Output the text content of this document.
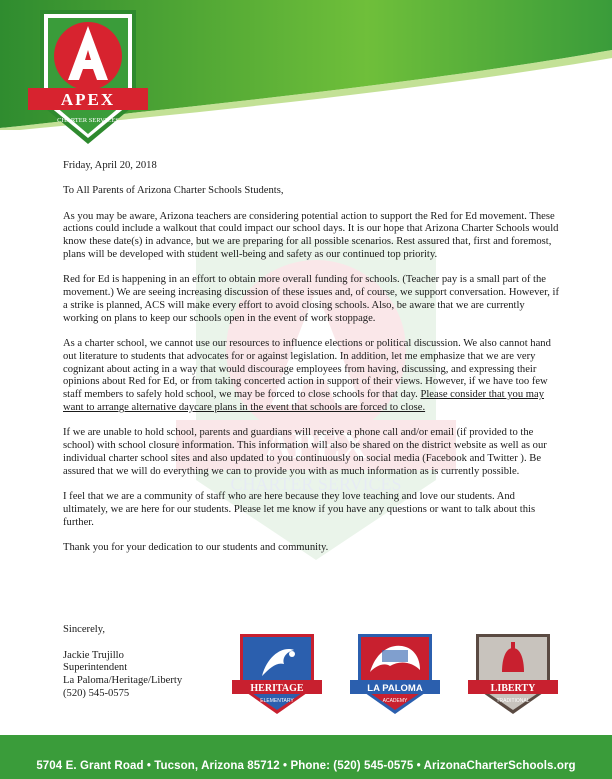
APEX
CHARTER SERVICES
APEX
CHARTER SERVICES

Friday, April 20, 2018

To All Parents of Arizona Charter Schools Students,

As you may be aware, Arizona teachers are considering potential action to support the Red for Ed movement. These actions could include a walkout that could impact our school days. It is our hope that Arizona Charter Schools would know these date(s) in advance, but we are preparing for all possible scenarios. Rest assured that, first and foremost, plans will be developed with student well-being and safety as our continued top priority.

Red for Ed is happening in an effort to obtain more overall funding for schools. (Teacher pay is a small part of the movement.) We are seeing increasing discussion of these issues and, of course, we support conversation. However, if a strike is planned, ACS will make every effort to avoid closing schools. Also, be aware that we are currently working on plans to keep our schools open in the event of work stoppage.

As a charter school, we cannot use our resources to influence elections or political discussion. We also cannot hand out literature to students that advocates for or against legislation. In addition, let me emphasize that we are very cognizant about acting in a way that would discourage employees from having, discussing, and expressing their opinions about Red for Ed, or from taking concerted action in support of their views. However, if we have too few staff members to safely hold school, we may be forced to close schools for that day. Please consider that you may want to arrange alternative daycare plans in the event that schools are forced to close.

If we are unable to hold school, parents and guardians will receive a phone call and/or email (if provided to the school) with school closure information. This information will also be shared on the district website as well as our individual charter school sites and also updated to you continuously on social media (Facebook and Twitter ). Be assured that we will do everything we can to provide you with as much information as is currently possible.

I feel that we are a community of staff who are here because they love teaching and love our students. And ultimately, we are here for our students. Please let me know if you have any questions or want to talk about this further.

Thank you for your dedication to our students and community.

Sincerely,
Jackie Trujillo
Superintendent
La Paloma/Heritage/Liberty
(520) 545-0575	HERITAGE
ELEMENTARY
LA PALOMA
ACADEMY
LIBERTY
TRADITIONAL
5704 E. Grant Road • Tucson, Arizona 85712 • Phone: (520) 545-0575 • ArizonaCharterSchools.org
